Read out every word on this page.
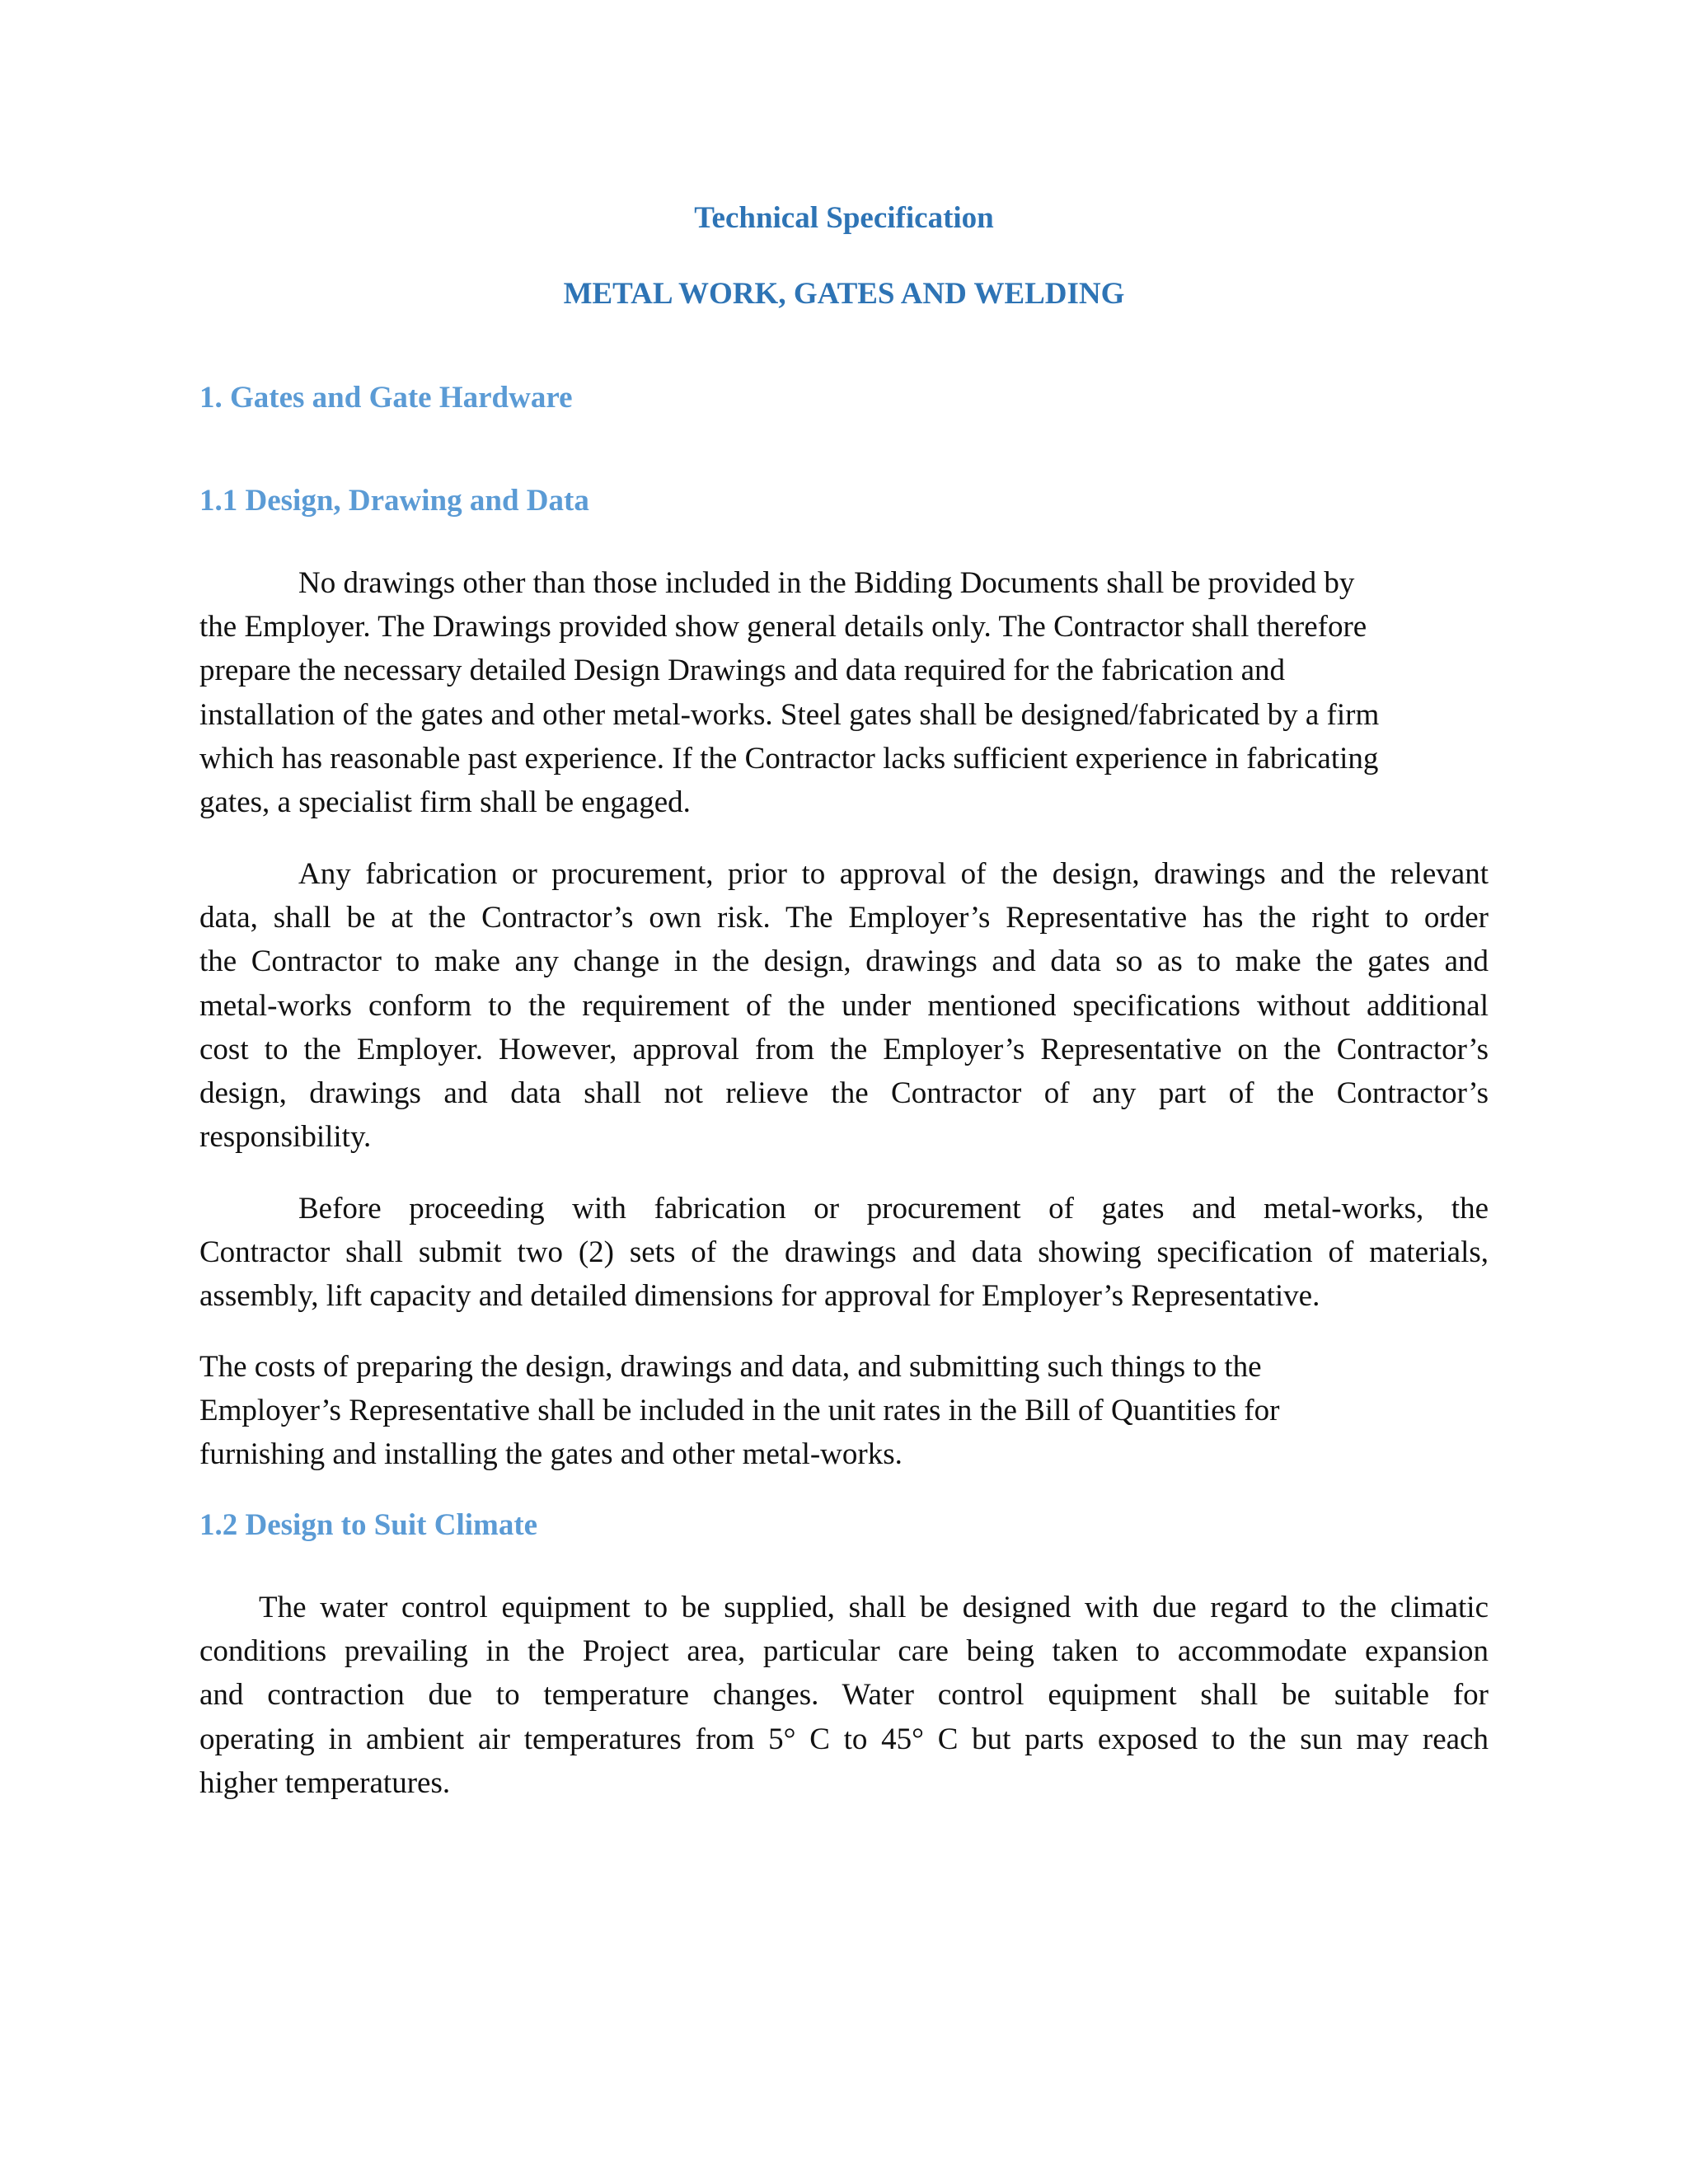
Technical Specification
METAL WORK, GATES AND WELDING
1. Gates and Gate Hardware
1.1 Design, Drawing and Data
No drawings other than those included in the Bidding Documents shall be provided by
the Employer. The Drawings provided show general details only. The Contractor shall therefore
prepare the necessary detailed Design Drawings and data required for the fabrication and
installation of the gates and other metal-works. Steel gates shall be designed/fabricated by a firm
which has reasonable past experience. If the Contractor lacks sufficient experience in fabricating
gates, a specialist firm shall be engaged.
Any fabrication or procurement, prior to approval of the design, drawings and the relevant
data, shall be at the Contractor’s own risk. The Employer’s Representative has the right to order
the Contractor to make any change in the design, drawings and data so as to make the gates and
metal-works conform to the requirement of the under mentioned specifications without additional
cost to the Employer. However, approval from the Employer’s Representative on the Contractor’s
design, drawings and data shall not relieve the Contractor of any part of the Contractor’s
responsibility.
Before proceeding with fabrication or procurement of gates and metal-works, the
Contractor shall submit two (2) sets of the drawings and data showing specification of materials,
assembly, lift capacity and detailed dimensions for approval for Employer’s Representative.
The costs of preparing the design, drawings and data, and submitting such things to the
Employer’s Representative shall be included in the unit rates in the Bill of Quantities for
furnishing and installing the gates and other metal-works.
1.2 Design to Suit Climate
The water control equipment to be supplied, shall be designed with due regard to the climatic
conditions prevailing in the Project area, particular care being taken to accommodate expansion
and contraction due to temperature changes. Water control equipment shall be suitable for
operating in ambient air temperatures from 5° C to 45° C but parts exposed to the sun may reach
higher temperatures.
